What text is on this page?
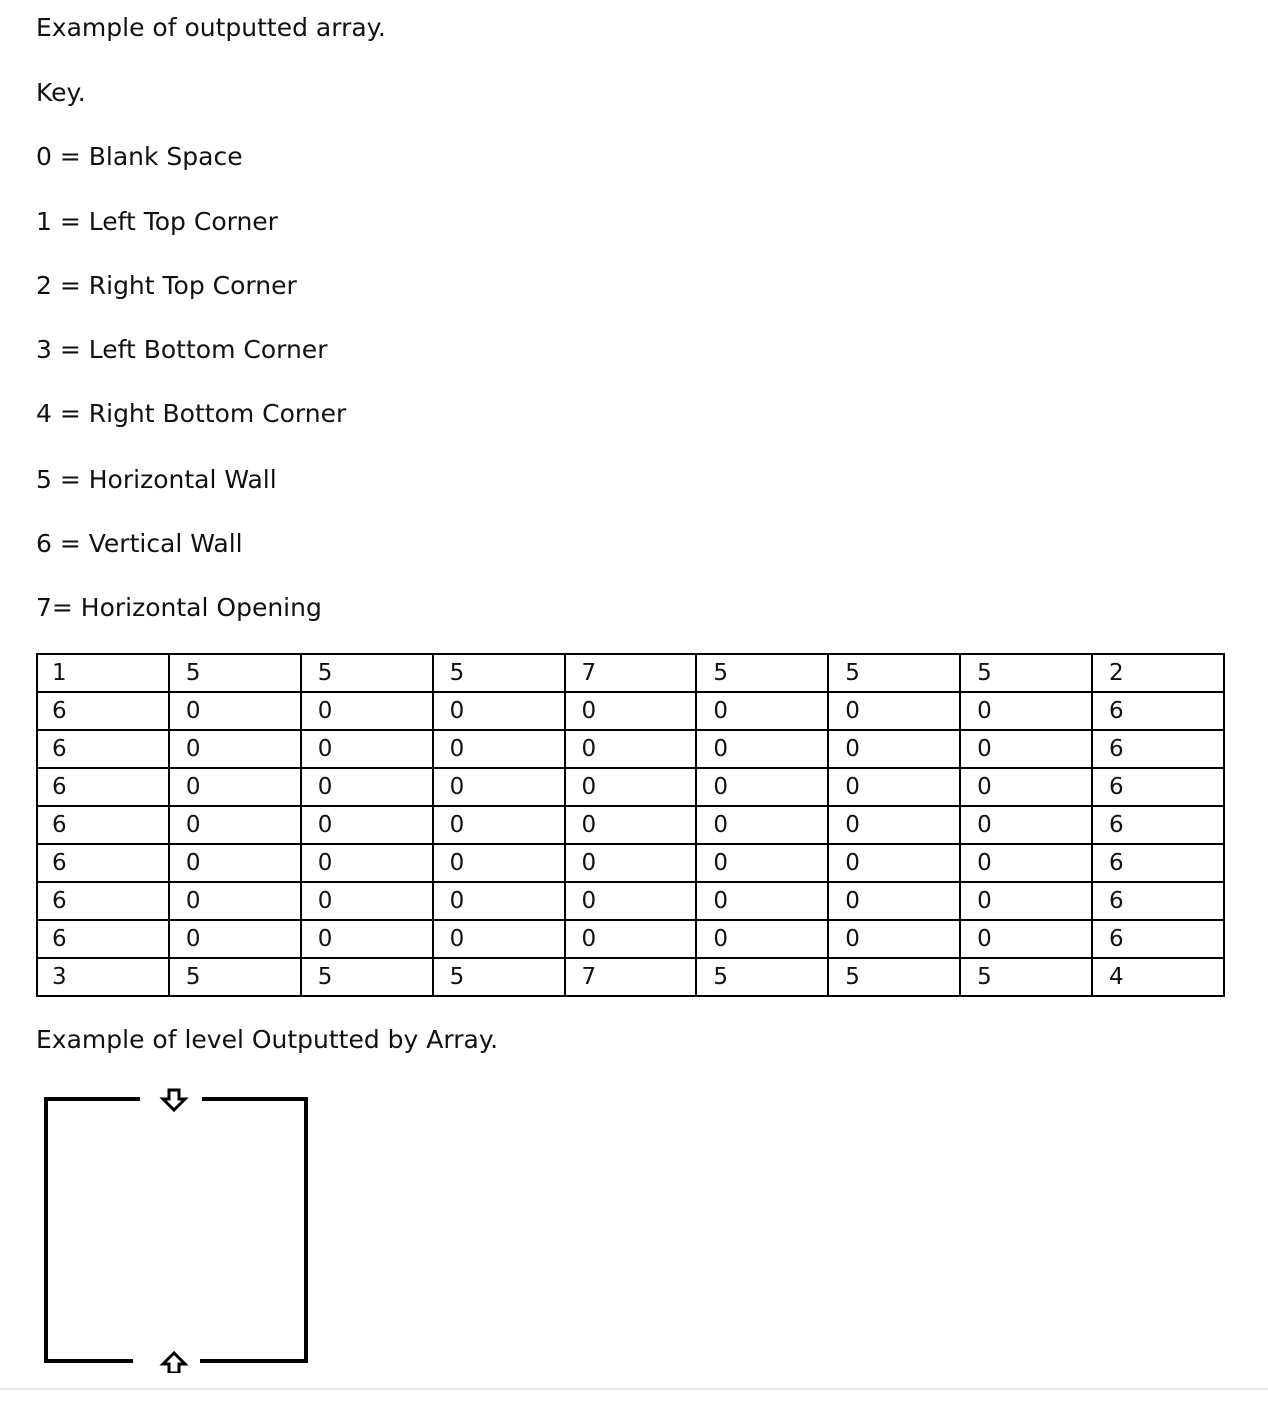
Example of outputted array.

Key.

0 = Blank Space
1 = Left Top Corner
2 = Right Top Corner
3 = Left Bottom Corner
4 = Right Bottom Corner
5 = Horizontal Wall
6 = Vertical Wall
7= Horizontal Opening
1	5	5	5	7	5	5	5	2
6	0	0	0	0	0	0	0	6
6	0	0	0	0	0	0	0	6
6	0	0	0	0	0	0	0	6
6	0	0	0	0	0	0	0	6
6	0	0	0	0	0	0	0	6
6	0	0	0	0	0	0	0	6
6	0	0	0	0	0	0	0	6
3	5	5	5	7	5	5	5	4

Example of level Outputted by Array.
